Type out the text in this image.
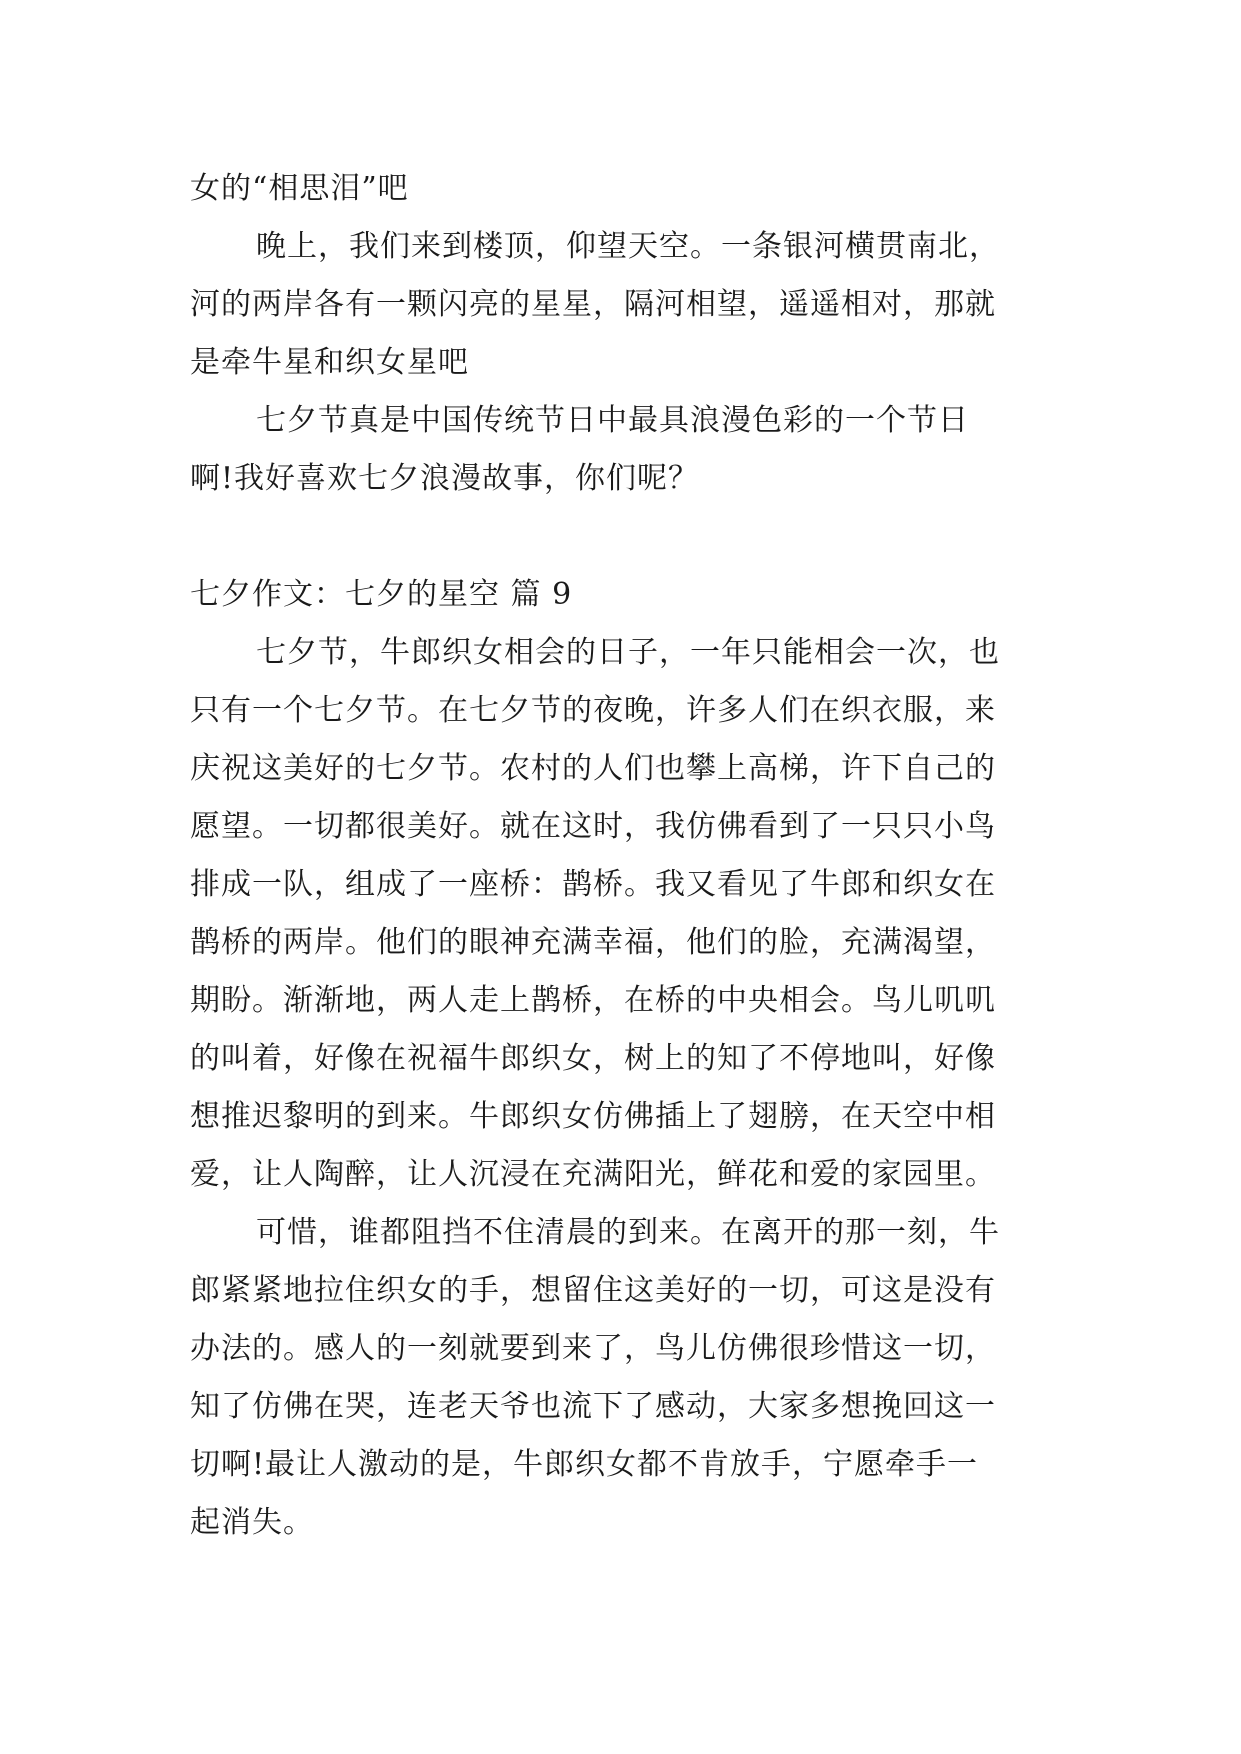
女的“相思泪”吧
晚上，我们来到楼顶，仰望天空。一条银河横贯南北，
河的两岸各有一颗闪亮的星星，隔河相望，遥遥相对，那就
是牵牛星和织女星吧
七夕节真是中国传统节日中最具浪漫色彩的一个节日
啊!我好喜欢七夕浪漫故事，你们呢？
七夕作文：七夕的星空 篇 9
七夕节，牛郎织女相会的日子，一年只能相会一次，也
只有一个七夕节。在七夕节的夜晚，许多人们在织衣服，来
庆祝这美好的七夕节。农村的人们也攀上高梯，许下自己的
愿望。一切都很美好。就在这时，我仿佛看到了一只只小鸟
排成一队，组成了一座桥：鹊桥。我又看见了牛郎和织女在
鹊桥的两岸。他们的眼神充满幸福，他们的脸，充满渴望，
期盼。渐渐地，两人走上鹊桥，在桥的中央相会。鸟儿叽叽
的叫着，好像在祝福牛郎织女，树上的知了不停地叫，好像
想推迟黎明的到来。牛郎织女仿佛插上了翅膀，在天空中相
爱，让人陶醉，让人沉浸在充满阳光，鲜花和爱的家园里。
可惜，谁都阻挡不住清晨的到来。在离开的那一刻，牛
郎紧紧地拉住织女的手，想留住这美好的一切，可这是没有
办法的。感人的一刻就要到来了，鸟儿仿佛很珍惜这一切，
知了仿佛在哭，连老天爷也流下了感动，大家多想挽回这一
切啊!最让人激动的是，牛郎织女都不肯放手，宁愿牵手一
起消失。
